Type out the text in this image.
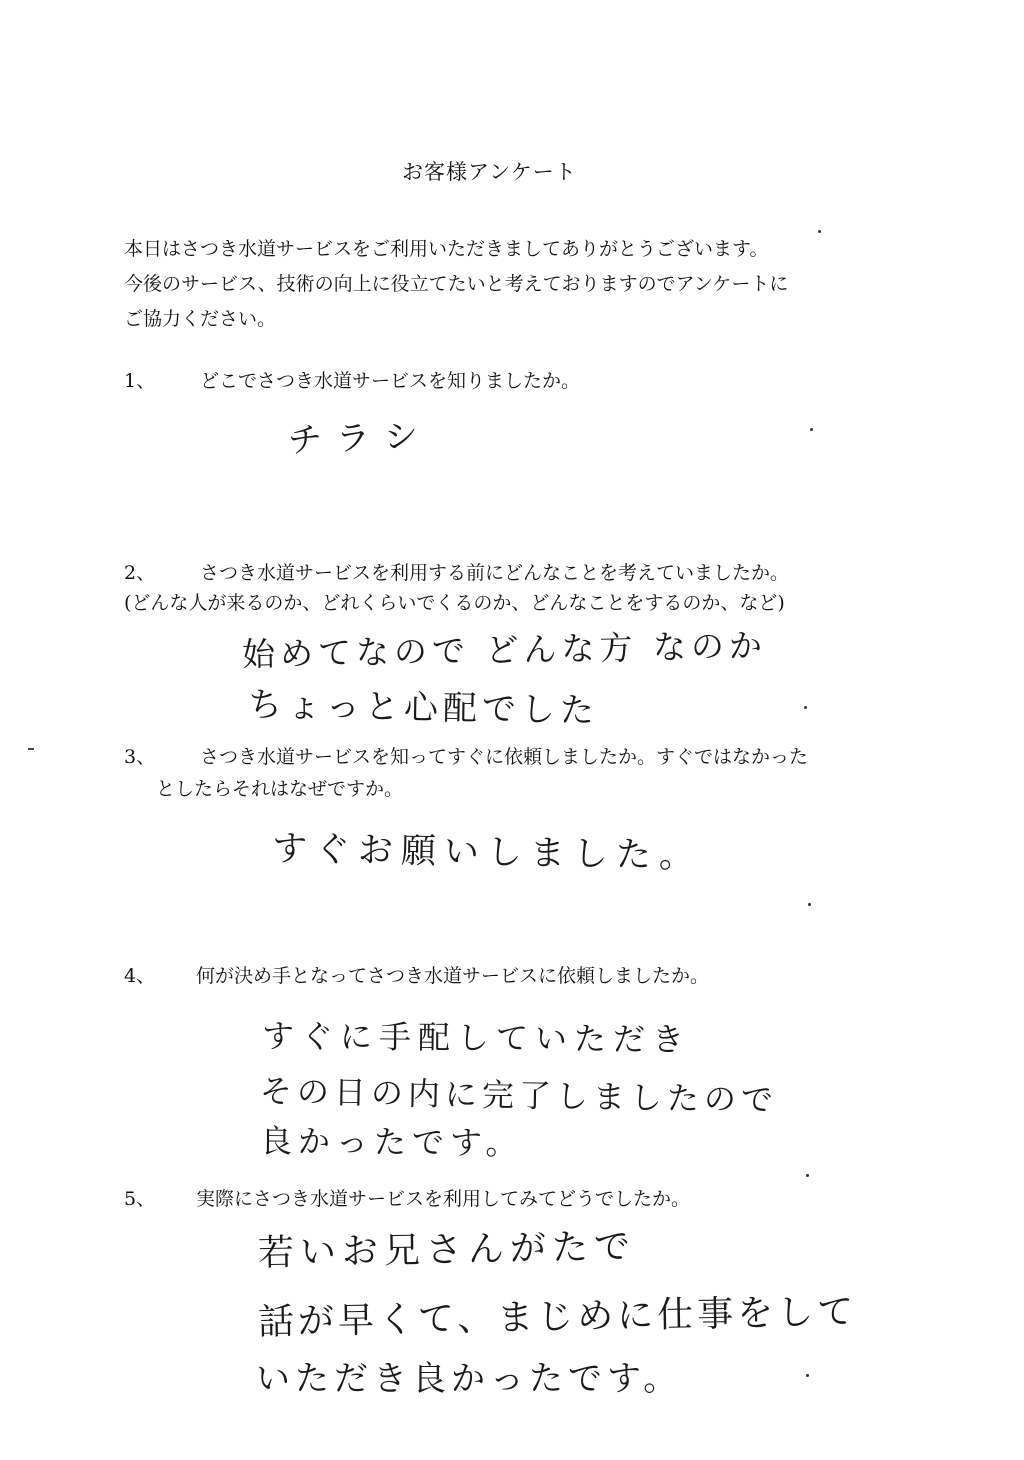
お客様アンケート
本日はさつき水道サービスをご利用いただきましてありがとうございます。
今後のサービス、技術の向上に役立てたいと考えておりますのでアンケートに
ご協力ください。
1、 どこでさつき水道サービスを知りましたか。
チラシ
2、 さつき水道サービスを利用する前にどんなことを考えていましたか。
(どんな人が来るのか、どれくらいでくるのか、どんなことをするのか、など)
始めてなので どんな方 なのか
ちょっと心配でした
3、 さつき水道サービスを知ってすぐに依頼しましたか。すぐではなかった
としたらそれはなぜですか。
すぐお願いしました。
4、 何が決め手となってさつき水道サービスに依頼しましたか。
すぐに手配していただき
その日の内に完了しましたので
良かったです。
5、 実際にさつき水道サービスを利用してみてどうでしたか。
若いお兄さんがたで
話が早くて、まじめに仕事をして
いただき良かったです。
